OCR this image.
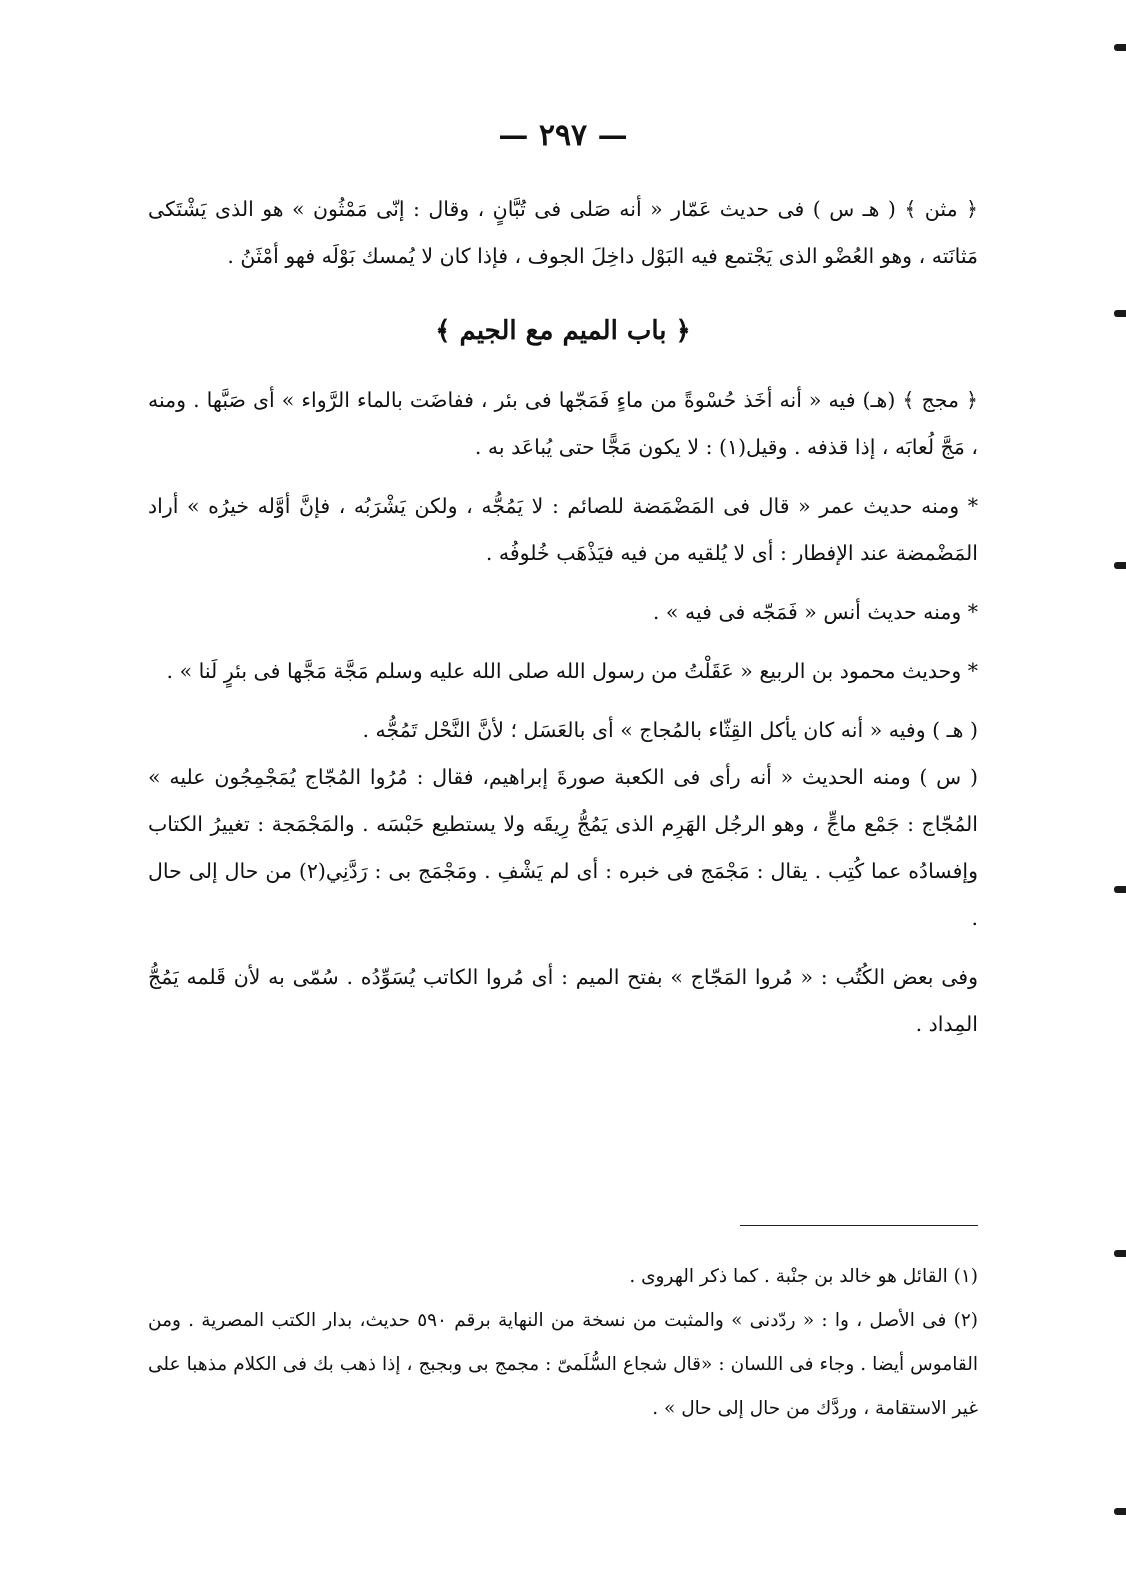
— ٢٩٧ —

﴿ مثن ﴾ ( هـ س ) فى حديث عَمّار « أنه صَلى فى تُبَّانٍ ، وقال : إنّى مَمْثُون » هو الذى يَشْتَكى مَثانَته ، وهو العُضْو الذى يَجْتمع فيه البَوْل داخِلَ الجوف ، فإذا كان لا يُمسك بَوْلَه فهو أمْثَنُ .

﴿ باب الميم مع الجيم ﴾

﴿ مجج ﴾ (هـ) فيه « أنه أخَذ حُسْوةً من ماءٍ فَمَجّها فى بئر ، ففاضَت بالماء الرَّواء » أى صَبَّها . ومنه ، مَجَّ لُعابَه ، إذا قذفه . وقيل(١) : لا يكون مَجًّا حتى يُباعَد به .

* ومنه حديث عمر « قال فى المَضْمَضة للصائم : لا يَمُجُّه ، ولكن يَشْرَبُه ، فإنَّ أوَّله خيرُه » أراد المَضْمضة عند الإفطار : أى لا يُلقيه من فيه فيَذْهَب خُلوفُه .

* ومنه حديث أنس « فَمَجّه فى فيه » .

* وحديث محمود بن الربيع « عَقَلْتُ من رسول الله صلى الله عليه وسلم مَجَّة مَجَّها فى بئرٍ لَنا » .

( هـ ) وفيه « أنه كان يأكل القِثّاء بالمُجاج » أى بالعَسَل ؛ لأنَّ النَّحْل تَمُجُّه .

( س ) ومنه الحديث « أنه رأى فى الكعبة صورةَ إبراهيم، فقال : مُرُوا المُجّاج يُمَجْمِجُون عليه » المُجّاج : جَمْع ماجٍّ ، وهو الرجُل الهَرِم الذى يَمُجُّ رِيقَه ولا يستطيع حَبْسَه . والمَجْمَجة : تغييرُ الكتاب وإفسادُه عما كُتِب . يقال : مَجْمَج فى خبره : أى لم يَشْفِ . ومَجْمَج بى : رَدَّنِي(٢) من حال إلى حال .

وفى بعض الكُتُب : « مُروا المَجّاج » بفتح الميم : أى مُروا الكاتب يُسَوِّدُه . سُمّى به لأن قَلمه يَمُجُّ المِداد .

(١) القائل هو خالد بن جنْبة . كما ذكر الهروى .

(٢) فى الأصل ، وا : « ردّدنى » والمثبت من نسخة من النهاية برقم ٥٩٠ حديث، بدار الكتب المصرية . ومن القاموس أيضا . وجاء فى اللسان : «قال شجاع السُّلَمىّ : مجمج بى وبجبج ، إذا ذهب بك فى الكلام مذهبا على غير الاستقامة ، وردَّك من حال إلى حال » .
